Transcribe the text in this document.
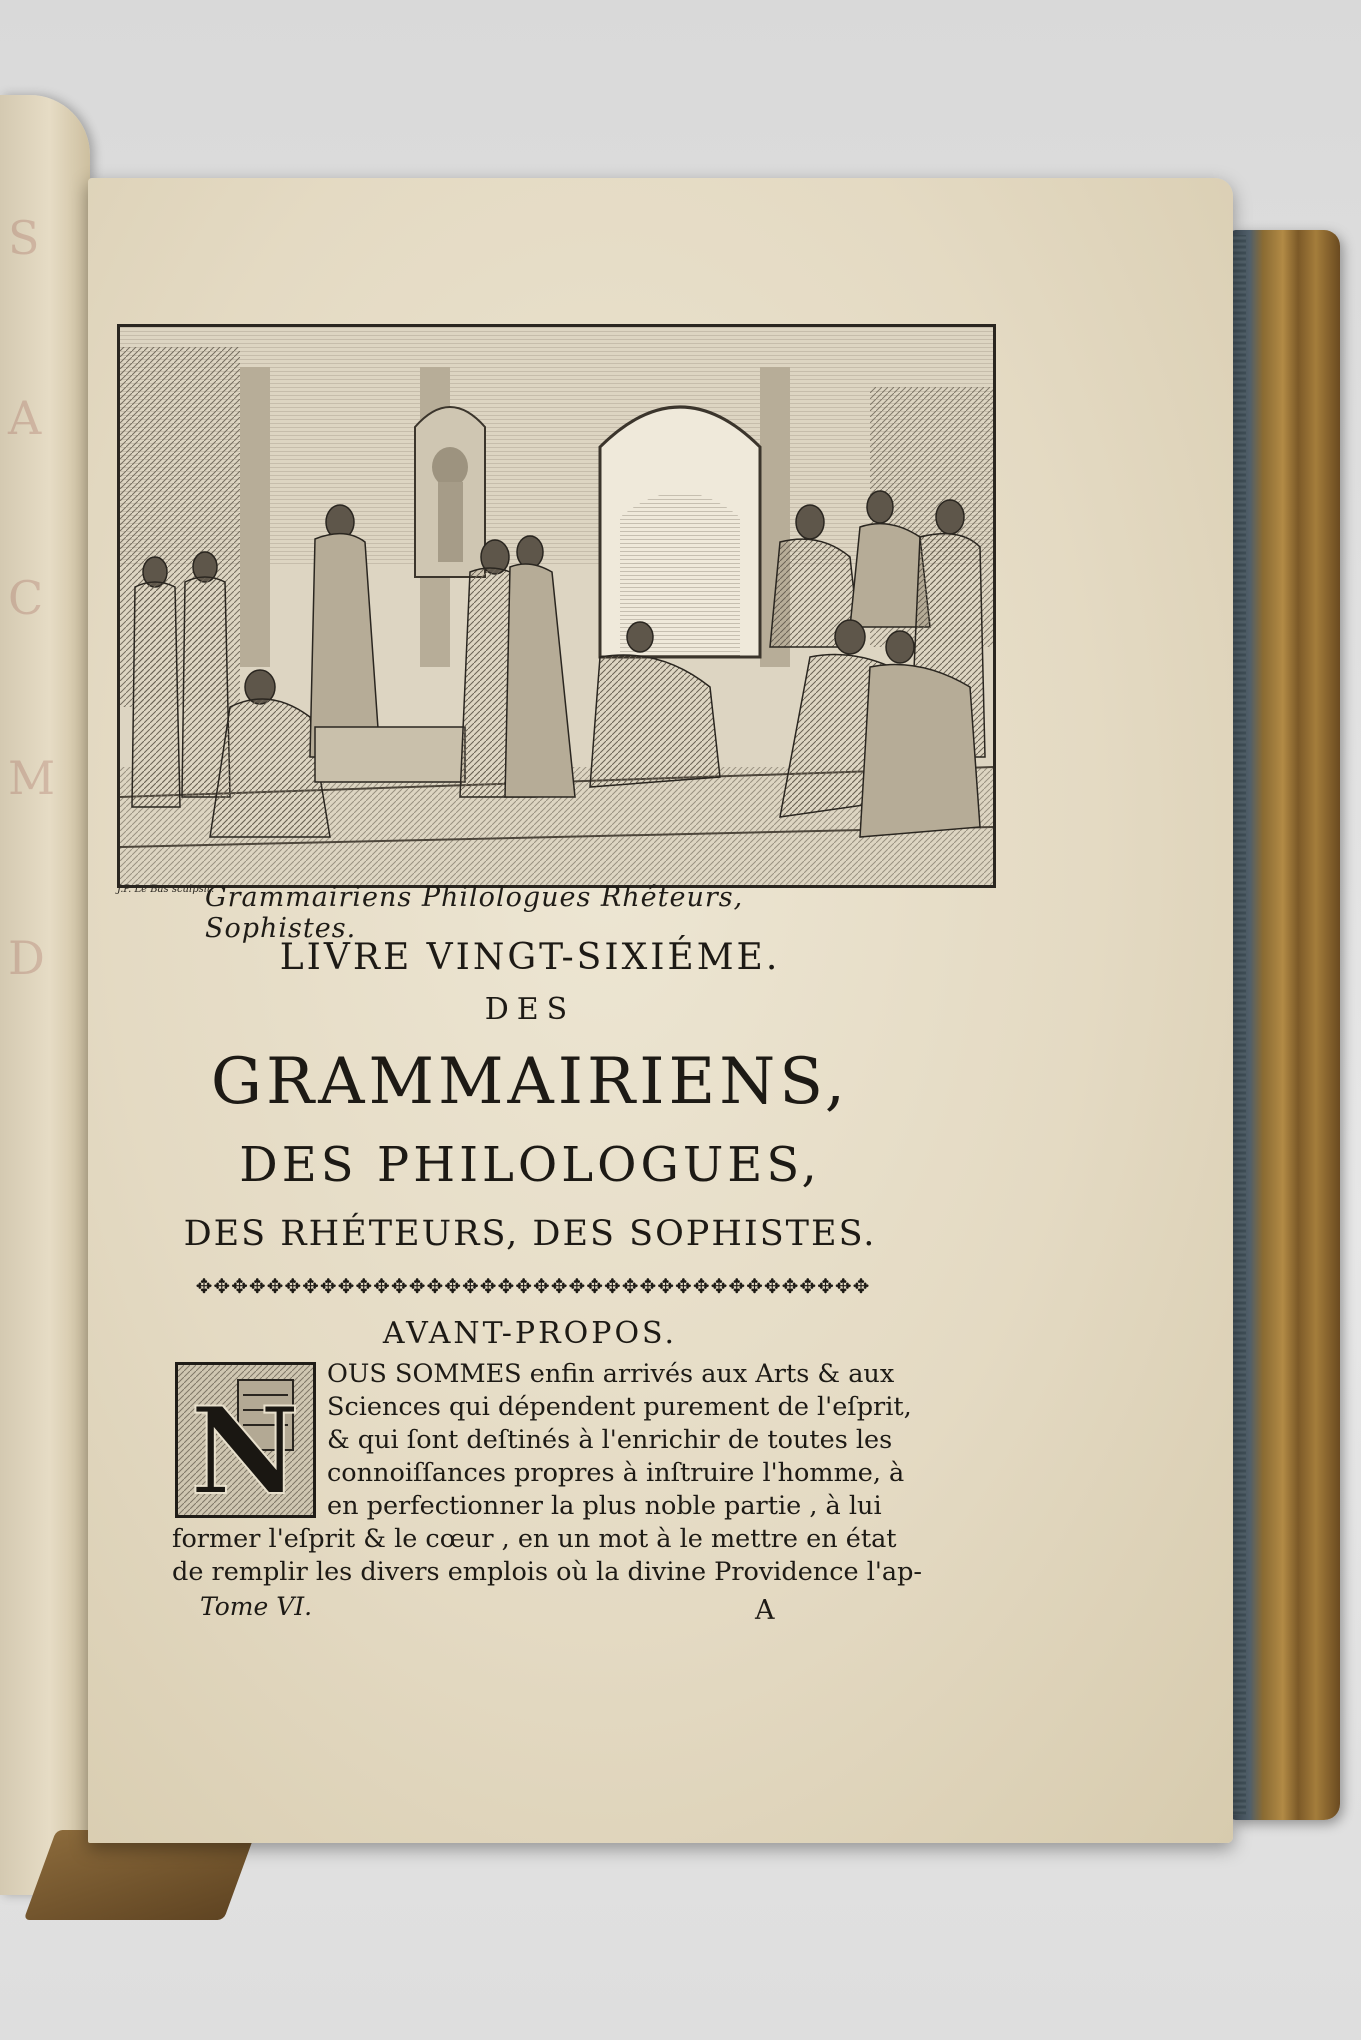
S
A
C
M
D
J.P. Le Bas sculpsit.
Grammairiens Philologues Rhéteurs, Sophistes.
LIVRE VINGT-SIXIÉME.
DES
GRAMMAIRIENS,
DES PHILOLOGUES,
DES RHÉTEURS, DES SOPHISTES.
✥✥✥✥✥✥✥✥✥✥✥✥✥✥✥✥✥✥✥✥✥✥✥✥✥✥✥✥✥✥✥✥✥✥✥✥✥✥
AVANT-PROPOS.
N
OUS SOMMES enfin arrivés aux Arts & aux
Sciences qui dépendent purement de l'eſprit,
& qui ſont deſtinés à l'enrichir de toutes les
connoiſſances propres à inſtruire l'homme, à
en perfectionner la plus noble partie , à lui
former l'eſprit & le cœur , en un mot à le mettre en état
de remplir les divers emplois où la divine Providence l'ap-
Tome VI.	A
